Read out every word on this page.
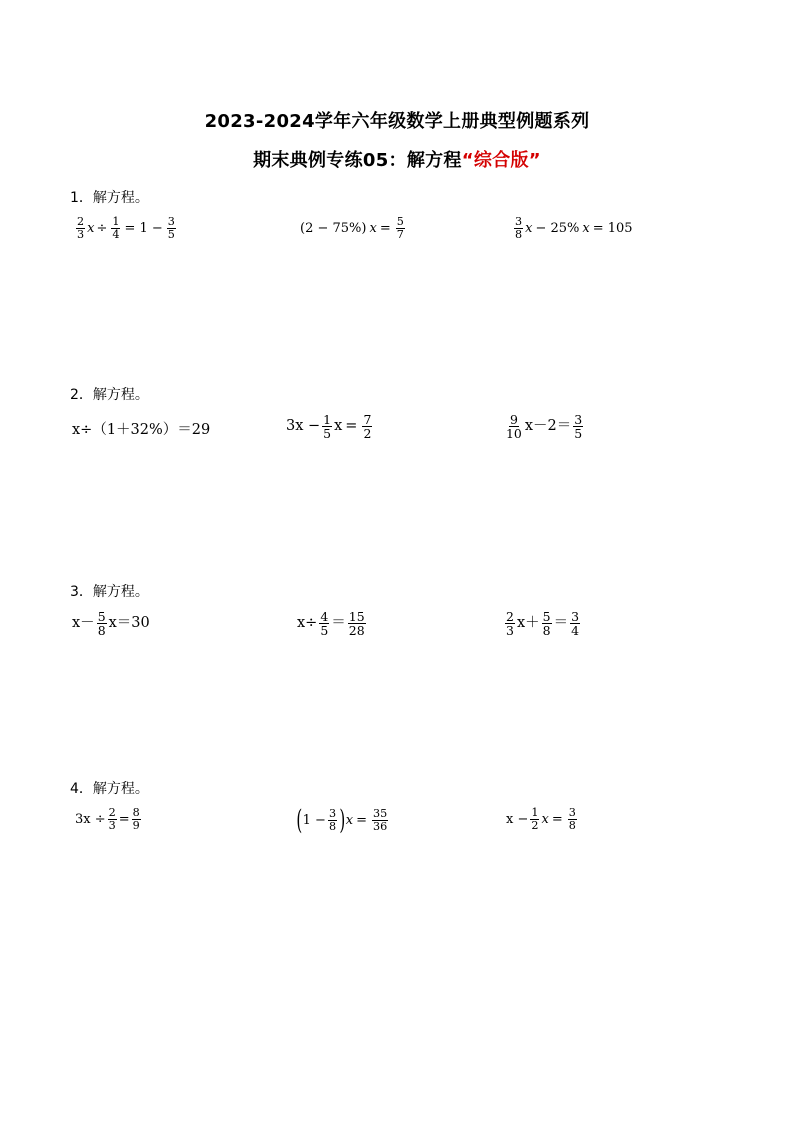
2023-2024学年六年级数学上册典型例题系列
期末典例专练05：解方程“综合版”
1．解方程。
$\frac{2}{3}$ $x \div \frac{1}{4} = 1 - \frac{3}{5}$	( 2 − 75% ) $x = \frac{5}{7}$	$\frac{3}{8}$ x − 25% x = 105
2．解方程。
x÷（1＋32%）＝29	$3x - \frac{1}{5}$ $x = \frac{7}{2}$	$\frac{9}{10} x-2= \frac{3}{5}$
3．解方程。
$x- \frac{5}{8} x=30$	$x\div \frac{4}{5} = \frac{15}{28}$	$\frac{2}{3} x+ \frac{5}{8} = \frac{3}{4}$
4．解方程。
$3x \div \frac{2}{3} = \frac{8}{9}$	( $1 - \frac{3}{8}$ ) $x = \frac{35}{36}$	$x - \frac{1}{2}$ $x = \frac{3}{8}$
